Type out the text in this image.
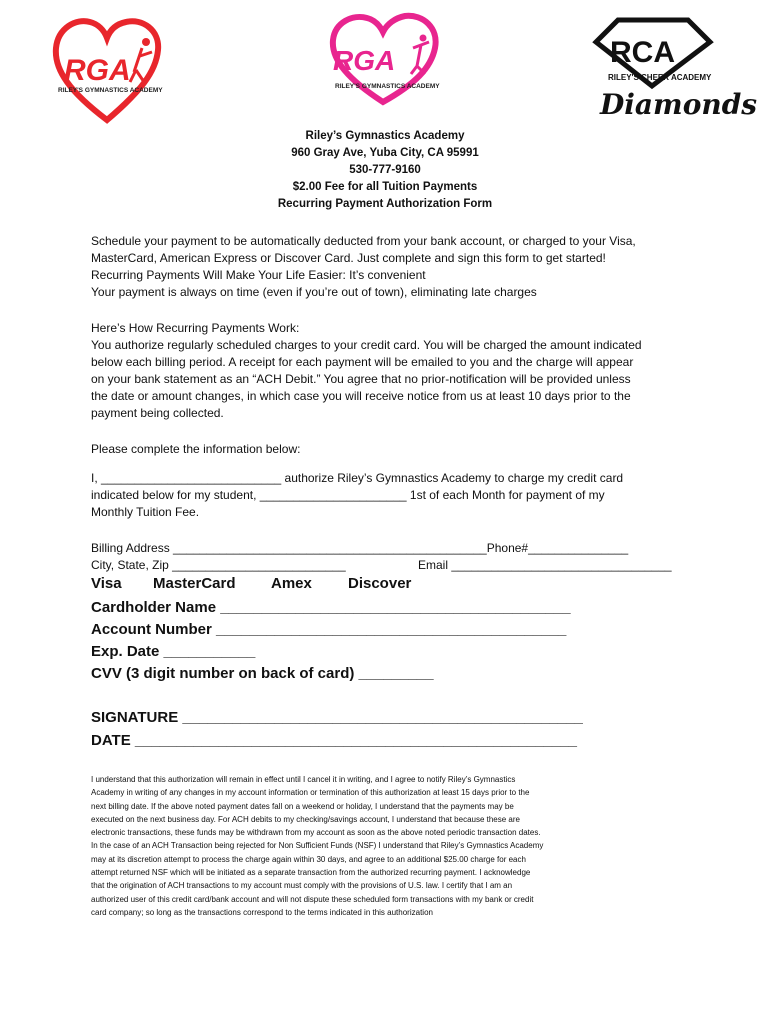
RGA
RILEY'S GYMNASTICS ACADEMY
RGA
RILEY'S GYMNASTICS ACADEMY
RCA
RILEY'S CHEER ACADEMY
Diamonds
Riley’s Gymnastics Academy
960 Gray Ave, Yuba City, CA 95991
530-777-9160
$2.00 Fee for all Tuition Payments
Recurring Payment Authorization Form
Schedule your payment to be automatically deducted from your bank account, or charged to your Visa,
MasterCard, American Express or Discover Card. Just complete and sign this form to get started!
Recurring Payments Will Make Your Life Easier: It’s convenient
Your payment is always on time (even if you’re out of town), eliminating late charges
Here’s How Recurring Payments Work:
You authorize regularly scheduled charges to your credit card. You will be charged the amount indicated
below each billing period. A receipt for each payment will be emailed to you and the charge will appear
on your bank statement as an “ACH Debit.” You agree that no prior-notification will be provided unless
the date or amount changes, in which case you will receive notice from us at least 10 days prior to the
payment being collected.
Please complete the information below:
I, ___________________________ authorize Riley’s Gymnastics Academy to charge my credit card
indicated below for my student, ______________________ 1st of each Month for payment of my
Monthly Tuition Fee.
Billing Address _______________________________________________Phone#_______________
City, State, Zip __________________________	Email _________________________________
Visa MasterCard Amex Discover
Cardholder Name __________________________________________
Account Number __________________________________________
Exp. Date ___________
CVV (3 digit number on back of card) _________
SIGNATURE ________________________________________________
DATE _____________________________________________________
I understand that this authorization will remain in effect until I cancel it in writing, and I agree to notify Riley’s Gymnastics
Academy in writing of any changes in my account information or termination of this authorization at least 15 days prior to the
next billing date. If the above noted payment dates fall on a weekend or holiday, I understand that the payments may be
executed on the next business day. For ACH debits to my checking/savings account, I understand that because these are
electronic transactions, these funds may be withdrawn from my account as soon as the above noted periodic transaction dates.
In the case of an ACH Transaction being rejected for Non Sufficient Funds (NSF) I understand that Riley’s Gymnastics Academy
may at its discretion attempt to process the charge again within 30 days, and agree to an additional $25.00 charge for each
attempt returned NSF which will be initiated as a separate transaction from the authorized recurring payment. I acknowledge
that the origination of ACH transactions to my account must comply with the provisions of U.S. law. I certify that I am an
authorized user of this credit card/bank account and will not dispute these scheduled form transactions with my bank or credit
card company; so long as the transactions correspond to the terms indicated in this authorization
